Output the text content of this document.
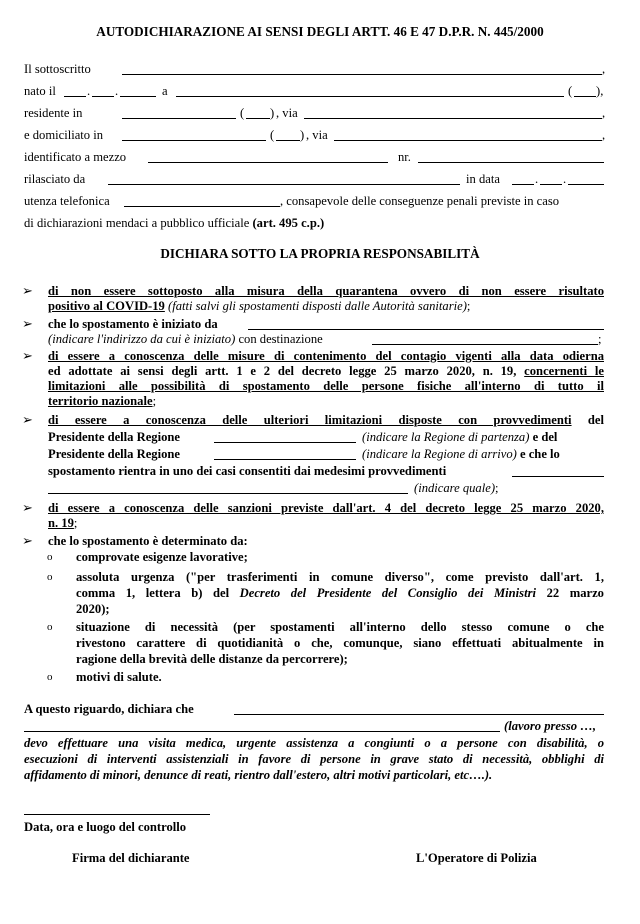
AUTODICHIARAZIONE AI SENSI DEGLI ARTT. 46 E 47 D.P.R. N. 445/2000
Il sottoscritto	,
nato il . .	a	( ),
residente in	( ) , via	,
e domiciliato in	( ) , via	,
identificato a mezzo	nr.
rilasciato da	in data	. .
utenza telefonica	, consapevole delle conseguenze penali previste in caso
di dichiarazioni mendaci a pubblico ufficiale (art. 495 c.p.)
DICHIARA SOTTO LA PROPRIA RESPONSABILITÀ
➢ di non essere sottoposto alla misura della quarantena ovvero di non essere risultato
positivo al COVID-19 (fatti salvi gli spostamenti disposti dalle Autorità sanitarie);
➢ che lo spostamento è iniziato da
(indicare l'indirizzo da cui è iniziato) con destinazione	;
➢ di essere a conoscenza delle misure di contenimento del contagio vigenti alla data odierna
ed adottate ai sensi degli artt. 1 e 2 del decreto legge 25 marzo 2020, n. 19, concernenti le
limitazioni alle possibilità di spostamento delle persone fisiche all'interno di tutto il
territorio nazionale;
➢ di essere a conoscenza delle ulteriori limitazioni disposte con provvedimenti del
Presidente della Regione	(indicare la Regione di partenza) e del
Presidente della Regione	(indicare la Regione di arrivo) e che lo
spostamento rientra in uno dei casi consentiti dai medesimi provvedimenti
(indicare quale);
➢ di essere a conoscenza delle sanzioni previste dall'art. 4 del decreto legge 25 marzo 2020,
n. 19;
➢ che lo spostamento è determinato da:
o comprovate esigenze lavorative;
o assoluta urgenza ("per trasferimenti in comune diverso", come previsto dall'art. 1,
comma 1, lettera b) del Decreto del Presidente del Consiglio dei Ministri 22 marzo
2020);
o situazione di necessità (per spostamenti all'interno dello stesso comune o che
rivestono carattere di quotidianità o che, comunque, siano effettuati abitualmente in
ragione della brevità delle distanze da percorrere);
o motivi di salute.
A questo riguardo, dichiara che
(lavoro presso …,
devo effettuare una visita medica, urgente assistenza a congiunti o a persone con disabilità, o
esecuzioni di interventi assistenziali in favore di persone in grave stato di necessità, obblighi di
affidamento di minori, denunce di reati, rientro dall'estero, altri motivi particolari, etc….).
Data, ora e luogo del controllo
Firma del dichiarante	L'Operatore di Polizia
